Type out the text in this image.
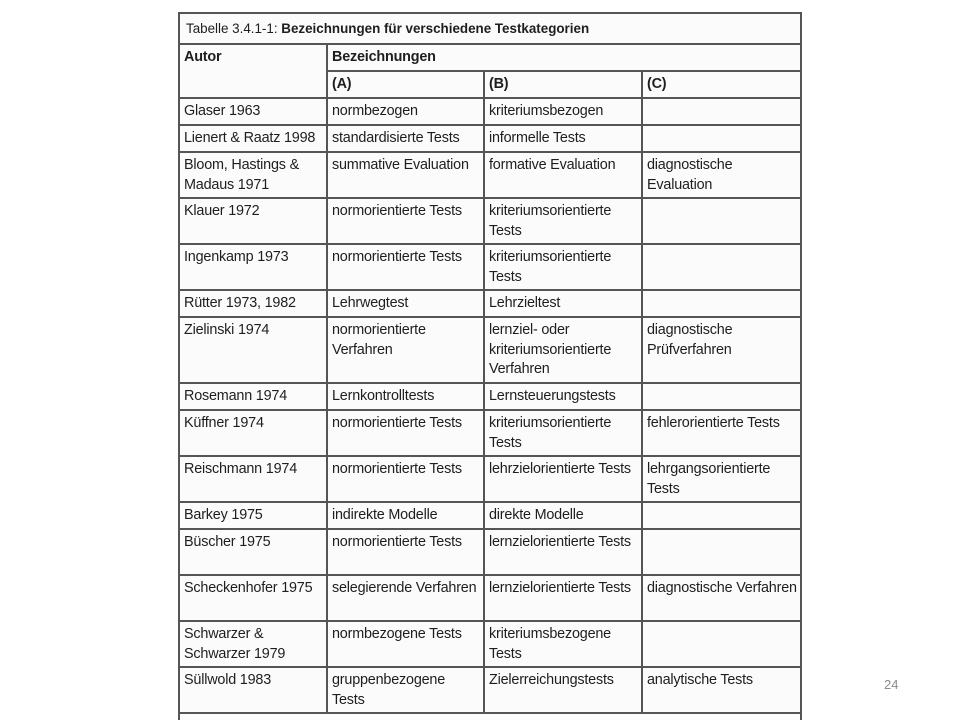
Tabelle 3.4.1-1: Bezeichnungen für verschiedene Testkategorien
Autor	Bezeichnungen		
	(A)	(B)	(C)
Glaser 1963	normbezogen	kriteriumsbezogen	
Lienert & Raatz 1998	standardisierte Tests	informelle Tests	
Bloom, Hastings & Madaus 1971	summative Evaluation	formative Evaluation	diagnostische Evaluation
Klauer 1972	normorientierte Tests	kriteriumsorientierte Tests	
Ingenkamp 1973	normorientierte Tests	kriteriumsorientierte Tests	
Rütter 1973, 1982	Lehrwegtest	Lehrzieltest	
Zielinski 1974	normorientierte Verfahren	lernziel- oder kriteriumsorientierte Verfahren	diagnostische Prüfverfahren
Rosemann 1974	Lernkontrolltests	Lernsteuerungstests	
Küffner 1974	normorientierte Tests	kriteriumsorientierte Tests	fehlerorientierte Tests
Reischmann 1974	normorientierte Tests	lehrzielorientierte Tests	lehrgangsorientierte Tests
Barkey 1975	indirekte Modelle	direkte Modelle	
Büscher 1975	normorientierte Tests	lernzielorientierte Tests	
Scheckenhofer 1975	selegierende Verfahren	lernzielorientierte Tests	diagnostische Verfahren
Schwarzer & Schwarzer 1979	normbezogene Tests	kriteriumsbezogene Tests	
Süllwold 1983	gruppenbezogene Tests	Zielerreichungstests	analytische Tests	24
